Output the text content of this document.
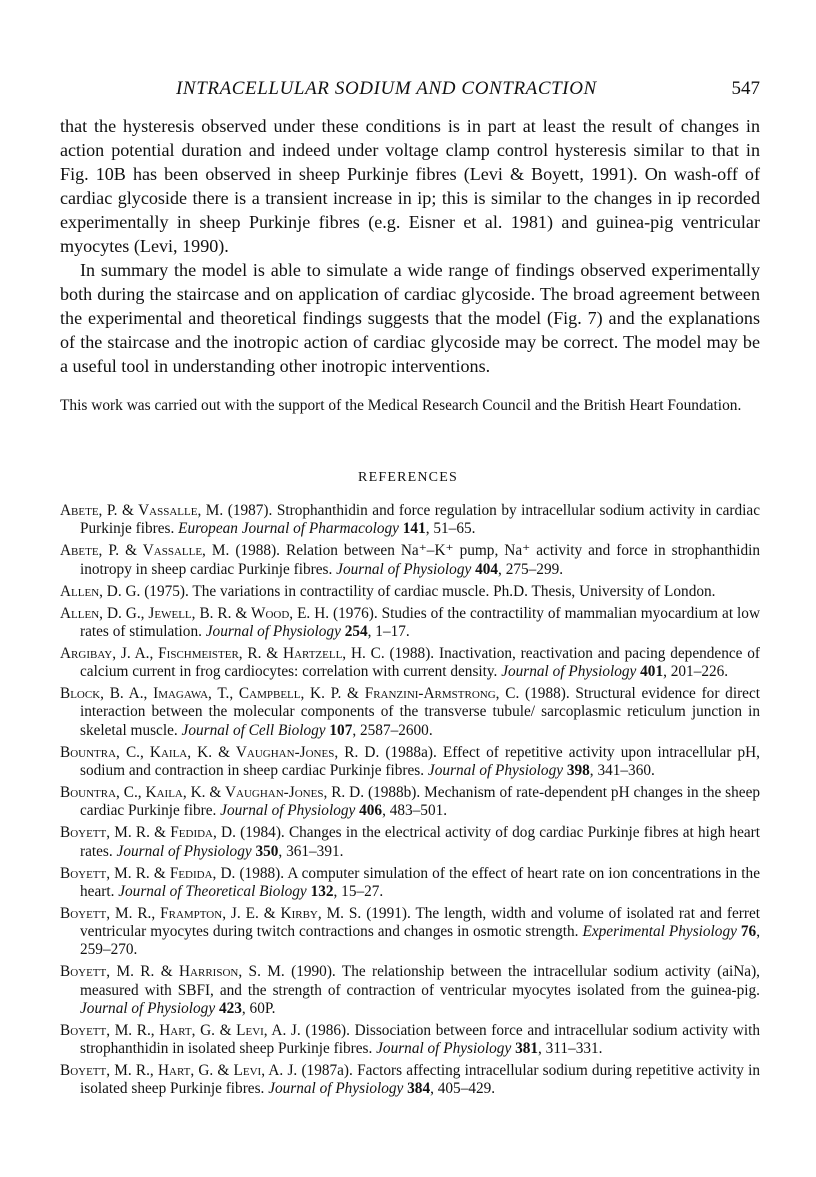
INTRACELLULAR SODIUM AND CONTRACTION	547

that the hysteresis observed under these conditions is in part at least the result of changes in action potential duration and indeed under voltage clamp control hysteresis similar to that in Fig. 10B has been observed in sheep Purkinje fibres (Levi & Boyett, 1991). On wash-off of cardiac glycoside there is a transient increase in ip; this is similar to the changes in ip recorded experimentally in sheep Purkinje fibres (e.g. Eisner et al. 1981) and guinea-pig ventricular myocytes (Levi, 1990).

In summary the model is able to simulate a wide range of findings observed experimentally both during the staircase and on application of cardiac glycoside. The broad agreement between the experimental and theoretical findings suggests that the model (Fig. 7) and the explanations of the staircase and the inotropic action of cardiac glycoside may be correct. The model may be a useful tool in understanding other inotropic interventions.

This work was carried out with the support of the Medical Research Council and the British Heart Foundation.

REFERENCES
Abete, P. & Vassalle, M. (1987). Strophanthidin and force regulation by intracellular sodium activity in cardiac Purkinje fibres. European Journal of Pharmacology 141, 51–65.
Abete, P. & Vassalle, M. (1988). Relation between Na⁺–K⁺ pump, Na⁺ activity and force in strophanthidin inotropy in sheep cardiac Purkinje fibres. Journal of Physiology 404, 275–299.
Allen, D. G. (1975). The variations in contractility of cardiac muscle. Ph.D. Thesis, University of London.
Allen, D. G., Jewell, B. R. & Wood, E. H. (1976). Studies of the contractility of mammalian myocardium at low rates of stimulation. Journal of Physiology 254, 1–17.
Argibay, J. A., Fischmeister, R. & Hartzell, H. C. (1988). Inactivation, reactivation and pacing dependence of calcium current in frog cardiocytes: correlation with current density. Journal of Physiology 401, 201–226.
Block, B. A., Imagawa, T., Campbell, K. P. & Franzini-Armstrong, C. (1988). Structural evidence for direct interaction between the molecular components of the transverse tubule/ sarcoplasmic reticulum junction in skeletal muscle. Journal of Cell Biology 107, 2587–2600.
Bountra, C., Kaila, K. & Vaughan-Jones, R. D. (1988a). Effect of repetitive activity upon intracellular pH, sodium and contraction in sheep cardiac Purkinje fibres. Journal of Physiology 398, 341–360.
Bountra, C., Kaila, K. & Vaughan-Jones, R. D. (1988b). Mechanism of rate-dependent pH changes in the sheep cardiac Purkinje fibre. Journal of Physiology 406, 483–501.
Boyett, M. R. & Fedida, D. (1984). Changes in the electrical activity of dog cardiac Purkinje fibres at high heart rates. Journal of Physiology 350, 361–391.
Boyett, M. R. & Fedida, D. (1988). A computer simulation of the effect of heart rate on ion concentrations in the heart. Journal of Theoretical Biology 132, 15–27.
Boyett, M. R., Frampton, J. E. & Kirby, M. S. (1991). The length, width and volume of isolated rat and ferret ventricular myocytes during twitch contractions and changes in osmotic strength. Experimental Physiology 76, 259–270.
Boyett, M. R. & Harrison, S. M. (1990). The relationship between the intracellular sodium activity (aiNa), measured with SBFI, and the strength of contraction of ventricular myocytes isolated from the guinea-pig. Journal of Physiology 423, 60P.
Boyett, M. R., Hart, G. & Levi, A. J. (1986). Dissociation between force and intracellular sodium activity with strophanthidin in isolated sheep Purkinje fibres. Journal of Physiology 381, 311–331.
Boyett, M. R., Hart, G. & Levi, A. J. (1987a). Factors affecting intracellular sodium during repetitive activity in isolated sheep Purkinje fibres. Journal of Physiology 384, 405–429.
